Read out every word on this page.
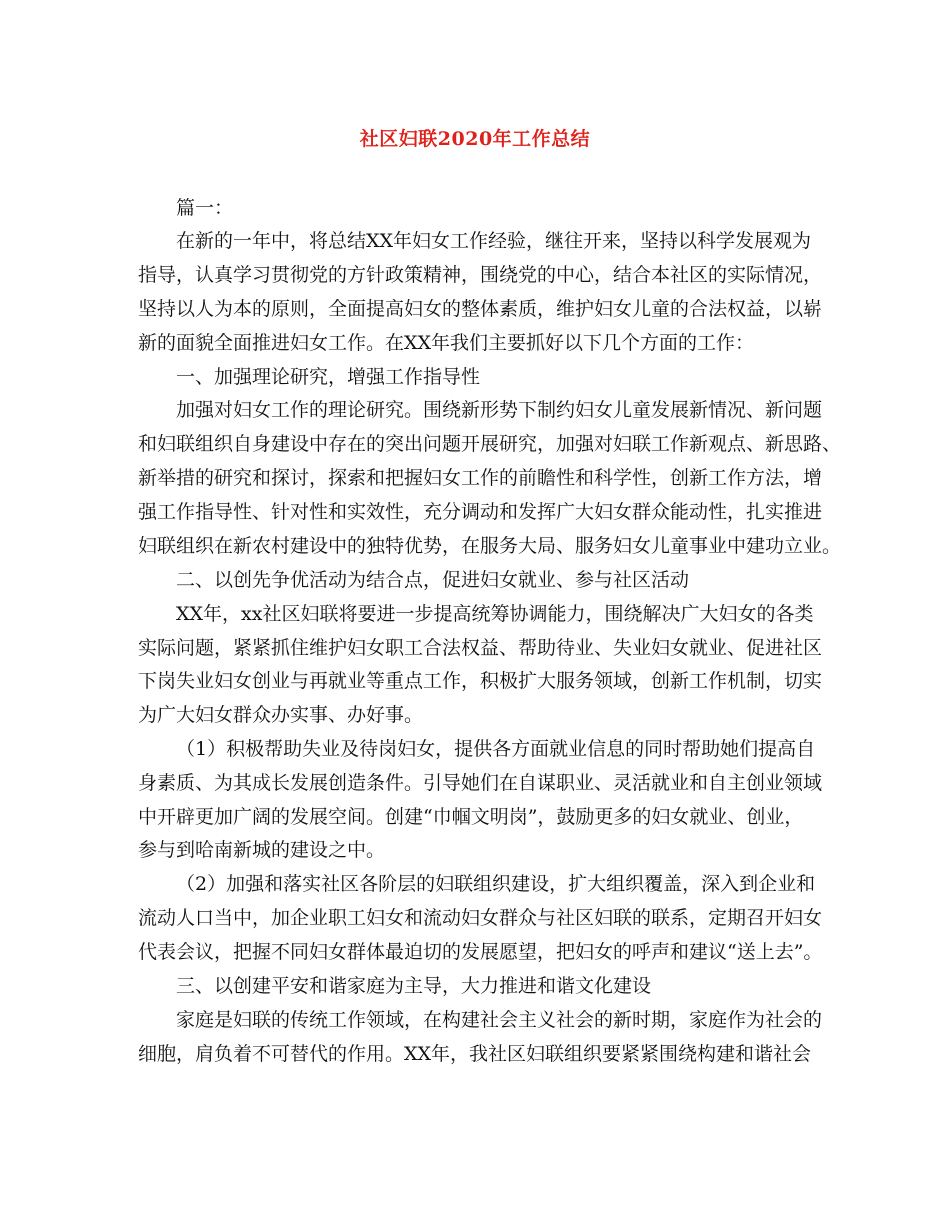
社区妇联2020年工作总结
篇一：
在新的一年中，将总结XX年妇女工作经验，继往开来，坚持以科学发展观为
指导，认真学习贯彻党的方针政策精神，围绕党的中心，结合本社区的实际情况，
坚持以人为本的原则，全面提高妇女的整体素质，维护妇女儿童的合法权益，以崭
新的面貌全面推进妇女工作。在XX年我们主要抓好以下几个方面的工作：
一、加强理论研究，增强工作指导性
加强对妇女工作的理论研究。围绕新形势下制约妇女儿童发展新情况、新问题
和妇联组织自身建设中存在的突出问题开展研究，加强对妇联工作新观点、新思路、
新举措的研究和探讨，探索和把握妇女工作的前瞻性和科学性，创新工作方法，增
强工作指导性、针对性和实效性，充分调动和发挥广大妇女群众能动性，扎实推进
妇联组织在新农村建设中的独特优势，在服务大局、服务妇女儿童事业中建功立业。
二、以创先争优活动为结合点，促进妇女就业、参与社区活动
XX年，xx社区妇联将要进一步提高统筹协调能力，围绕解决广大妇女的各类
实际问题，紧紧抓住维护妇女职工合法权益、帮助待业、失业妇女就业、促进社区
下岗失业妇女创业与再就业等重点工作，积极扩大服务领域，创新工作机制，切实
为广大妇女群众办实事、办好事。
（1）积极帮助失业及待岗妇女，提供各方面就业信息的同时帮助她们提高自
身素质、为其成长发展创造条件。引导她们在自谋职业、灵活就业和自主创业领域
中开辟更加广阔的发展空间。创建“巾帼文明岗”，鼓励更多的妇女就业、创业，
参与到哈南新城的建设之中。
（2）加强和落实社区各阶层的妇联组织建设，扩大组织覆盖，深入到企业和
流动人口当中，加企业职工妇女和流动妇女群众与社区妇联的联系，定期召开妇女
代表会议，把握不同妇女群体最迫切的发展愿望，把妇女的呼声和建议“送上去”。
三、以创建平安和谐家庭为主导，大力推进和谐文化建设
家庭是妇联的传统工作领域，在构建社会主义社会的新时期，家庭作为社会的
细胞，肩负着不可替代的作用。XX年，我社区妇联组织要紧紧围绕构建和谐社会
